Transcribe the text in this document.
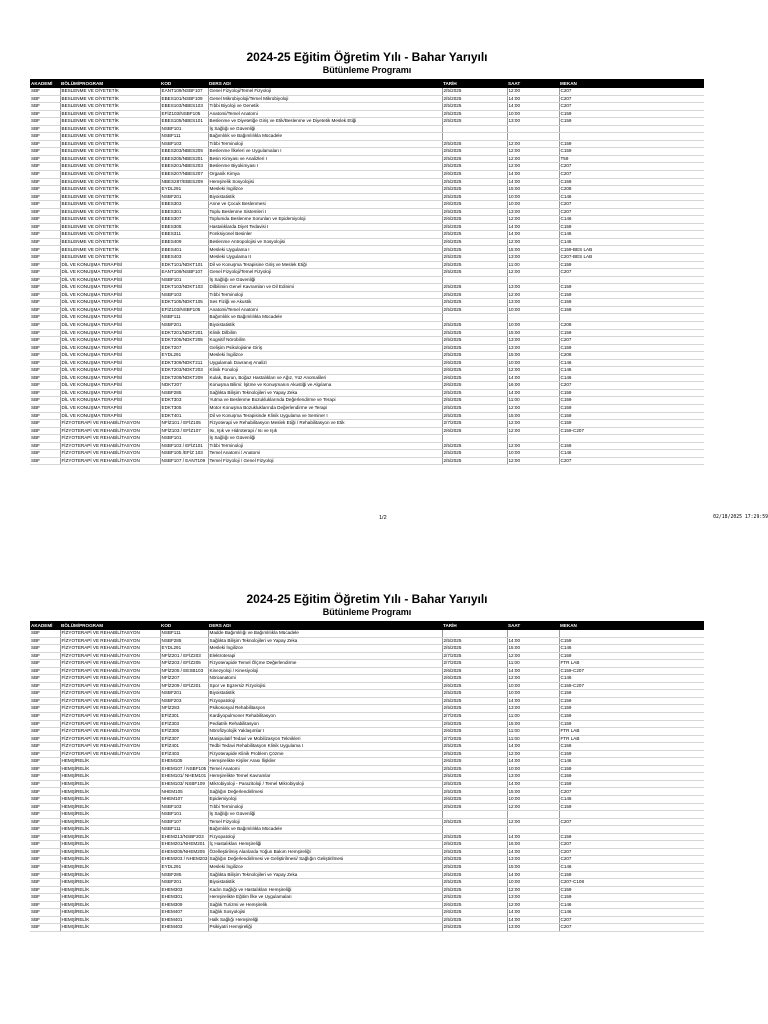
2024-25 Eğitim Öğretim Yılı - Bahar Yarıyılı
Bütünleme Programı
AKADEMİ	BÖLÜM/PROGRAM	KOD	DERS ADI	TARİH	SAAT	MEKAN
SBF	BESLENME VE DİYETETİK	EANT109/NSBF107	Genel Fizyoloji/Temel Fizyoloji	2/5/2025	12:00	C207
SBF	BESLENME VE DİYETETİK	EBES101/NSBF109	Genel Mikrobiyoloji/Temel Mikrobiyoloji	2/5/2025	14:00	C207
SBF	BESLENME VE DİYETETİK	EBES103/NBES103	Tıbbi Biyoloji ve Genetik	2/5/2025	14:00	C207
SBF	BESLENME VE DİYETETİK	EFİZ103/NSBF105	Anatomi/Temel Anatomi	2/5/2025	10:00	C159
SBF	BESLENME VE DİYETETİK	EBES105/NBES101	Beslenme ve Diyetetiğe Giriş ve Etik/Beslenme ve Diyetetik Meslek Etiği	2/5/2025	13:00	C159
SBF	BESLENME VE DİYETETİK	NSBF101	İş Sağlığı ve Güvenliği			
SBF	BESLENME VE DİYETETİK	NSBF111	Bağımlılık ve Bağımlılıkla Mücadele			
SBF	BESLENME VE DİYETETİK	NSBF103	Tıbbi Terminoloji	2/5/2025	12:00	C159
SBF	BESLENME VE DİYETETİK	EBES203/NBES205	Beslenme İlkeleri ve Uygulamaları I	2/5/2025	12:00	C159
SBF	BESLENME VE DİYETETİK	EBES205/NBES201	Besin Kimyası ve Analizleri I	2/5/2025	12:00	T59
SBF	BESLENME VE DİYETETİK	EBES201/NBES203	Beslenme Biyokimyası I	2/5/2025	12:00	C207
SBF	BESLENME VE DİYETETİK	EBES207/NBES207	Organik Kimya	2/6/2025	14:00	C207
SBF	BESLENME VE DİYETETİK	NBES287/EBES209	Hemşirelik Sosyolojisi	2/5/2025	14:00	C159
SBF	BESLENME VE DİYETETİK	EYDL291	Mesleki İngilizce	2/5/2025	15:00	C208
SBF	BESLENME VE DİYETETİK	NSBF201	Biyoistatistik	2/5/2025	10:00	C146
SBF	BESLENME VE DİYETETİK	EBES303	Anne ve Çocuk Beslenmesi	2/6/2025	10:00	C207
SBF	BESLENME VE DİYETETİK	EBES301	Toplu Beslenme Sistemleri I	2/5/2025	13:00	C207
SBF	BESLENME VE DİYETETİK	EBES307	Toplumda Beslenme Sorunları ve Epidemiyoloji	2/6/2025	12:00	C146
SBF	BESLENME VE DİYETETİK	EBES305	Hastalıklarda Diyet Tedavisi I	2/5/2025	14:00	C159
SBF	BESLENME VE DİYETETİK	EBES311	Fonksiyonel Besinler	2/5/2025	14:00	C146
SBF	BESLENME VE DİYETETİK	EBES409	Beslenme Antropolojisi ve Sosyolojisi	2/6/2025	12:00	C146
SBF	BESLENME VE DİYETETİK	EBES401	Mesleki Uygulama I	2/5/2025	15:00	C159-BES LAB
SBF	BESLENME VE DİYETETİK	EBES403	Mesleki Uygulama II	2/5/2025	13:00	C207-BES LAB
SBF	DİL VE KONUŞMA TERAPİSİ	EDKT101/NDKT101	Dil ve Konuşma Terapisine Giriş ve Meslek Etiği	2/5/2025	11:00	C159
SBF	DİL VE KONUŞMA TERAPİSİ	EANT109/NSBF107	Genel Fizyoloji/Temel Fizyoloji	2/5/2025	12:00	C207
SBF	DİL VE KONUŞMA TERAPİSİ	NSBF101	İş Sağlığı ve Güvenliği			
SBF	DİL VE KONUŞMA TERAPİSİ	EDKT103/NDKT103	Dilbilimin Genel Kavramları ve Dil Edinimi	2/5/2025	13:00	C159
SBF	DİL VE KONUŞMA TERAPİSİ	NSBF103	Tıbbi Terminoloji	2/5/2025	12:00	C159
SBF	DİL VE KONUŞMA TERAPİSİ	EDKT105/NDKT105	Ses Fiziği ve Akustik	2/5/2025	13:00	C159
SBF	DİL VE KONUŞMA TERAPİSİ	EFİZ103/NSBF105	Anatomi/Temel Anatomi	2/5/2025	10:00	C159
SBF	DİL VE KONUŞMA TERAPİSİ	NSBF111	Bağımlılık ve Bağımlılıkla Mücadele			
SBF	DİL VE KONUŞMA TERAPİSİ	NSBF201	Biyoistatistik	2/5/2025	10:00	C208
SBF	DİL VE KONUŞMA TERAPİSİ	EDKT201/NDKT201	Klinik Dilbilim	2/5/2025	15:00	C159
SBF	DİL VE KONUŞMA TERAPİSİ	EDKT205/NDKT205	Kognitif Nörobilim	2/5/2025	13:00	C207
SBF	DİL VE KONUŞMA TERAPİSİ	EDKT207	Gelişim Psikolojisine Giriş	2/5/2025	13:00	C159
SBF	DİL VE KONUŞMA TERAPİSİ	EYDL291	Mesleki İngilizce	2/5/2025	15:00	C208
SBF	DİL VE KONUŞMA TERAPİSİ	EDKT309/NDKT211	Uygulamalı Davranış Analizi	2/6/2025	10:00	C146
SBF	DİL VE KONUŞMA TERAPİSİ	EDKT203/NDKT203	Klinik Fonoloji	2/6/2025	12:00	C146
SBF	DİL VE KONUŞMA TERAPİSİ	EDKT209/NDKT209	Kulak, Burun, Boğaz Hastalıkları ve Ağız, Yüz Anomalileri	2/6/2025	14:00	C146
SBF	DİL VE KONUŞMA TERAPİSİ	NDKT207	Konuşma Bilimi: İşitme ve Konuşmanın Akustiği ve Algılama	2/6/2025	16:00	C207
SBF	DİL VE KONUŞMA TERAPİSİ	NSBF285	Sağlıkta Bilişim Teknolojileri ve Yapay Zeka	2/5/2025	14:00	C159
SBF	DİL VE KONUŞMA TERAPİSİ	EDKT303	Yutma ve Beslenme Bozukluklarında Değerlendirme ve Terapi	2/5/2025	11:00	C159
SBF	DİL VE KONUŞMA TERAPİSİ	EDKT305	Motor Konuşma Bozukluklarında Değerlendirme ve Terapi	2/5/2025	12:00	C159
SBF	DİL VE KONUŞMA TERAPİSİ	EDKT401	Dil ve Konuşma Terapisinde Klinik Uygulama ve Seminer I	2/5/2025	15:00	C159
SBF	FİZYOTERAPİ VE REHABİLİTASYON	NFİZ101 / EFİZ105	Fizyoterapi ve Rehabilitasyon Meslek Etiği / Rehabilitasyon ve Etik	2/7/2025	12:00	C159
SBF	FİZYOTERAPİ VE REHABİLİTASYON	NFİZ103 / EFİZ107	Isı, Işık ve Hidroterapi / Isı ve Işık	2/6/2025	12:00	C159-C207
SBF	FİZYOTERAPİ VE REHABİLİTASYON	NSBF101	İş Sağlığı ve Güvenliği			
SBF	FİZYOTERAPİ VE REHABİLİTASYON	NSBF103 / EFİZ101	Tıbbi Terminoloji	2/5/2025	12:00	C159
SBF	FİZYOTERAPİ VE REHABİLİTASYON	NSBF105 /EFİZ 103	Temel Anatomi / Anatomi	2/5/2025	10:00	C146
SBF	FİZYOTERAPİ VE REHABİLİTASYON	NSBF107 / EANT109	Temel Fizyoloji / Genel Fizyoloji	2/5/2025	12:00	C207
1/2	02/18/2025 17:29:59
2024-25 Eğitim Öğretim Yılı - Bahar Yarıyılı
Bütünleme Programı
AKADEMİ	BÖLÜM/PROGRAM	KOD	DERS ADI	TARİH	SAAT	MEKAN
SBF	FİZYOTERAPİ VE REHABİLİTASYON	NSBF111	Madde Bağımlılığı ve Bağımlılıkla Mücadele			
SBF	FİZYOTERAPİ VE REHABİLİTASYON	NSBF285	Sağlıkta Bilişim Teknolojileri ve Yapay Zeka	2/5/2025	14:00	C159
SBF	FİZYOTERAPİ VE REHABİLİTASYON	EYDL291	Mesleki İngilizce	2/5/2025	15:00	C146
SBF	FİZYOTERAPİ VE REHABİLİTASYON	NFİZ201 / EFİZ203	Elektroterapi	2/7/2025	12:00	C159
SBF	FİZYOTERAPİ VE REHABİLİTASYON	NFİZ203 / EFİZ205	Fizyoterapide Temel Ölçme Değerlendirme	2/7/2025	11:00	FTR LAB
SBF	FİZYOTERAPİ VE REHABİLİTASYON	NFİZ205 / EESB103	Kinezyoloji / Kinesiyoloji	2/6/2025	14:00	C159-C207
SBF	FİZYOTERAPİ VE REHABİLİTASYON	NFİZ207	Nöroanatomi	2/6/2025	12:00	C146
SBF	FİZYOTERAPİ VE REHABİLİTASYON	NFİZ209 / EFİZ201	Spor ve Egzersiz Fizyolojisi	2/6/2025	10:00	C159-C207
SBF	FİZYOTERAPİ VE REHABİLİTASYON	NSBF201	Biyoistatistik	2/5/2025	10:00	C159
SBF	FİZYOTERAPİ VE REHABİLİTASYON	NSBF203	Fizyopatoloji	2/5/2025	14:00	C159
SBF	FİZYOTERAPİ VE REHABİLİTASYON	NFİZ283	Psikososyal Rehabilitasyon	2/5/2025	13:00	C159
SBF	FİZYOTERAPİ VE REHABİLİTASYON	EFİZ301	Kardiyopulmoner Rehabilitasyon	2/7/2025	11:00	C159
SBF	FİZYOTERAPİ VE REHABİLİTASYON	EFİZ303	Pediatrik Rehabilitasyon	2/5/2025	15:00	C159
SBF	FİZYOTERAPİ VE REHABİLİTASYON	EFİZ305	Nörofizyolojik Yaklaşımlar I	2/6/2025	11:00	FTR LAB
SBF	FİZYOTERAPİ VE REHABİLİTASYON	EFİZ307	Manipulatif Tedavi ve Mobilizasyon Teknikleri	2/7/2025	11:00	FTR LAB
SBF	FİZYOTERAPİ VE REHABİLİTASYON	EFİZ401	Tedbi Tedavi Rehabilitasyon Klinik Uygulama I	2/5/2025	14:00	C159
SBF	FİZYOTERAPİ VE REHABİLİTASYON	EFİZ403	Fizyoterapide Klinik Problem Çözme	2/5/2025	12:00	C159
SBF	HEMŞİRELİK	EHEM105	Hemşirelikte Kişiler Arası İlişkiler	2/6/2025	14:00	C146
SBF	HEMŞİRELİK	EHEM107 / NSBF105	Temel Anatomi	2/5/2025	10:00	C159
SBF	HEMŞİRELİK	EHEM101/ NHEM101	Hemşirelikte Temel Kavramlar	2/5/2025	13:00	C159
SBF	HEMŞİRELİK	EHEM103/ NSBF109	Mikrobiyoloji - Parazitoloji / Temel Mikrobiyoloji	2/5/2025	14:00	C159
SBF	HEMŞİRELİK	NHEM105	Sağlığın Değerlendirilmesi	2/5/2025	15:00	C207
SBF	HEMŞİRELİK	NHEM107	Epidemiyoloji	2/6/2025	10:00	C146
SBF	HEMŞİRELİK	NSBF103	Tıbbi Terminoloji	2/5/2025	12:00	C159
SBF	HEMŞİRELİK	NSBF101	İş Sağlığı ve Güvenliği			
SBF	HEMŞİRELİK	NSBF107	Temel Fizyoloji	2/5/2025	12:00	C207
SBF	HEMŞİRELİK	NSBF111	Bağımlılık ve Bağımlılıkla Mücadele			
SBF	HEMŞİRELİK	EHEM213/NSBF203	Fizyopatoloji	2/5/2025	14:00	C159
SBF	HEMŞİRELİK	EHEM201/NHEM201	İç Hastalıkları Hemşireliği	2/5/2025	16:00	C207
SBF	HEMŞİRELİK	EHEM205/NHEM205	Özelleştirilmiş Alanlarda Yoğun Bakım Hemşireliği	2/5/2025	14:00	C207
SBF	HEMŞİRELİK	EHEM203 / NHEM203	Sağlığın Değerlendirilmesi ve Geliştirilmesi/ Sağlığın Geliştirilmesi	2/5/2025	13:00	C207
SBF	HEMŞİRELİK	EYDL291	Mesleki İngilizce	2/5/2025	15:00	C146
SBF	HEMŞİRELİK	NSBF285	Sağlıkta Bilişim Teknolojileri ve Yapay Zeka	2/5/2025	14:00	C159
SBF	HEMŞİRELİK	NSBF201	Biyoistatistik	2/5/2025	10:00	C207-C108
SBF	HEMŞİRELİK	EHEM303	Kadın Sağlığı ve Hastalıkları Hemşireliği	2/5/2025	12:00	C159
SBF	HEMŞİRELİK	EHEM301	Hemşirelikte Eğitim İlke ve Uygulamaları	2/5/2025	13:00	C159
SBF	HEMŞİRELİK	EHEM309	Sağlık Turizmi ve Hemşirelik	2/6/2025	12:00	C146
SBF	HEMŞİRELİK	EHEM407	Sağlık Sosyolojisi	2/6/2025	14:00	C146
SBF	HEMŞİRELİK	EHEM401	Halk Sağlığı Hemşireliği	2/5/2025	14:00	C207
SBF	HEMŞİRELİK	EHEM403	Psikiyatri Hemşireliği	2/5/2025	13:00	C207
